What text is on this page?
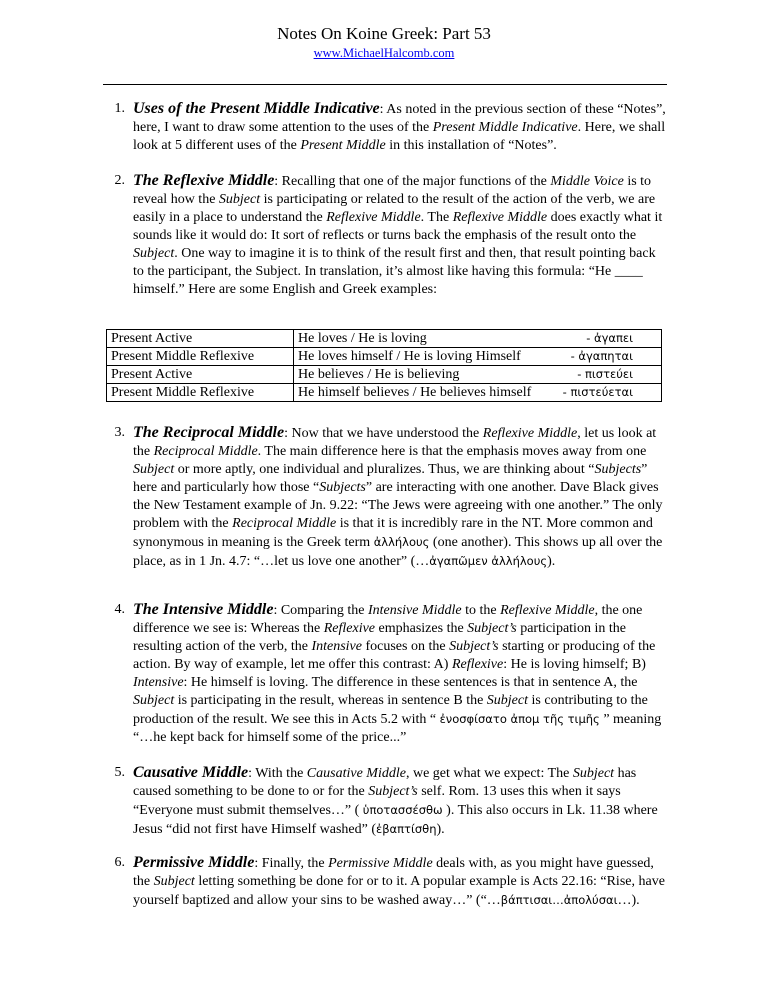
Notes On Koine Greek: Part 53
www.MichaelHalcomb.com
1. Uses of the Present Middle Indicative: As noted in the previous section of these “Notes”, here, I want to draw some attention to the uses of the Present Middle Indicative. Here, we shall look at 5 different uses of the Present Middle in this installation of “Notes”.
2. The Reflexive Middle: Recalling that one of the major functions of the Middle Voice is to reveal how the Subject is participating or related to the result of the action of the verb, we are easily in a place to understand the Reflexive Middle. The Reflexive Middle does exactly what it sounds like it would do: It sort of reflects or turns back the emphasis of the result onto the Subject. One way to imagine it is to think of the result first and then, that result pointing back to the participant, the Subject. In translation, it’s almost like having this formula: “He ____ himself.” Here are some English and Greek examples:
Present Active	He loves / He is loving - ἀγαπει

Present Middle Reflexive	He loves himself / He is loving Himself - ἀγαπηται

Present Active	He believes / He is believing - πιστεύει

Present Middle Reflexive	He himself believes / He believes himself - πιστεύεται
3. The Reciprocal Middle: Now that we have understood the Reflexive Middle, let us look at the Reciprocal Middle. The main difference here is that the emphasis moves away from one Subject or more aptly, one individual and pluralizes. Thus, we are thinking about “Subjects” here and particularly how those “Subjects” are interacting with one another. Dave Black gives the New Testament example of Jn. 9.22: “The Jews were agreeing with one another.” The only problem with the Reciprocal Middle is that it is incredibly rare in the NT. More common and synonymous in meaning is the Greek term ἀλλήλους (one another). This shows up all over the place, as in 1 Jn. 4.7: “…let us love one another” (…ἀγαπῶμεν ἀλλήλους).
4. The Intensive Middle: Comparing the Intensive Middle to the Reflexive Middle, the one difference we see is: Whereas the Reflexive emphasizes the Subject’s participation in the resulting action of the verb, the Intensive focuses on the Subject’s starting or producing of the action. By way of example, let me offer this contrast: A) Reflexive: He is loving himself; B) Intensive: He himself is loving. The difference in these sentences is that in sentence A, the Subject is participating in the result, whereas in sentence B the Subject is contributing to the production of the result. We see this in Acts 5.2 with “ ἐνοσφίσατο ἀπομ τῆς τιμῆς ” meaning “…he kept back for himself some of the price...”
5. Causative Middle: With the Causative Middle, we get what we expect: The Subject has caused something to be done to or for the Subject’s self. Rom. 13 uses this when it says “Everyone must submit themselves…” ( ὑποτασσέσθω ). This also occurs in Lk. 11.38 where Jesus “did not first have Himself washed” (ἐβαπτίσθη).
6. Permissive Middle: Finally, the Permissive Middle deals with, as you might have guessed, the Subject letting something be done for or to it. A popular example is Acts 22.16: “Rise, have yourself baptized and allow your sins to be washed away…” (“…βάπτισαι…ἀπολύσαι…).
